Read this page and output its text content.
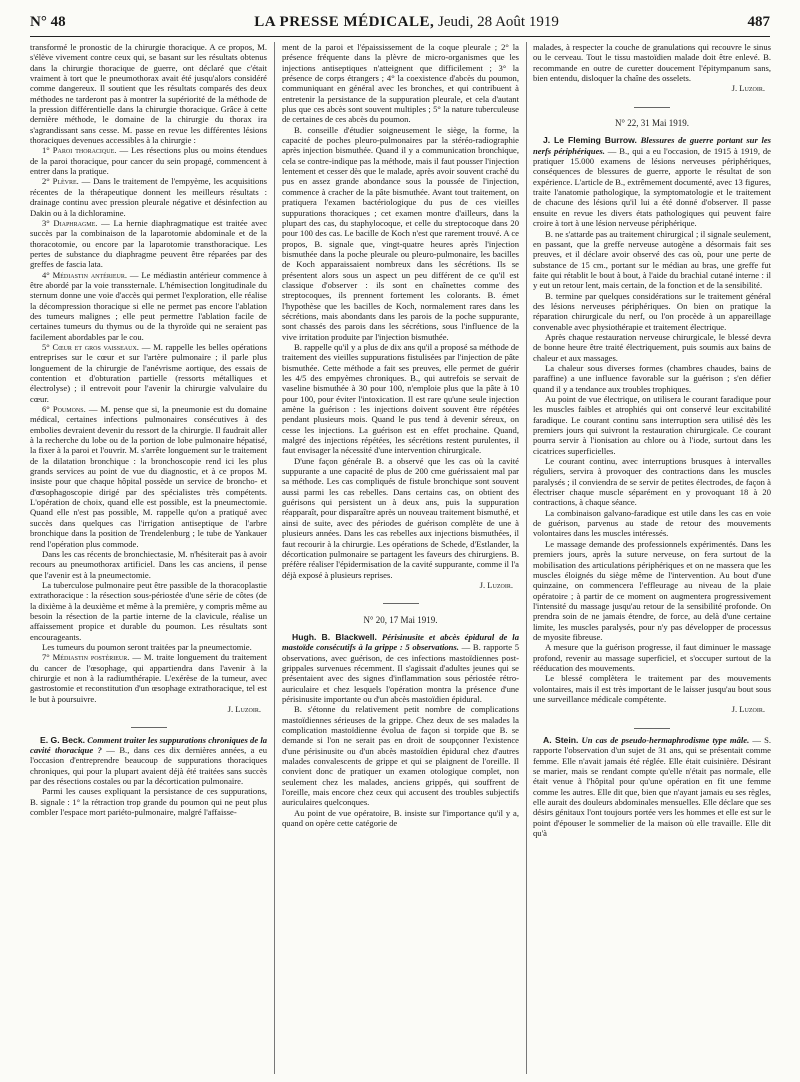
N° 48	LA PRESSE MÉDICALE, Jeudi, 28 Août 1919	487

transformé le pronostic de la chirurgie thoracique. A ce propos, M. s'élève vivement contre ceux qui, se basant sur les résultats obtenus dans la chirurgie thoracique de guerre, ont déclaré que c'était vraiment à tort que le pneumothorax avait été jusqu'alors considéré comme dangereux. Il soutient que les résultats comparés des deux méthodes ne tarderont pas à montrer la supériorité de la méthode de la pression différentielle dans la chirurgie thoracique. Grâce à cette dernière méthode, le domaine de la chirurgie du thorax ira s'agrandissant sans cesse. M. passe en revue les différentes lésions thoraciques devenues accessibles à la chirurgie :

1° Paroi thoracique. — Les résections plus ou moins étendues de la paroi thoracique, pour cancer du sein propagé, commencent à entrer dans la pratique.

2° Plèvre. — Dans le traitement de l'empyème, les acquisitions récentes de la thérapeutique donnent les meilleurs résultats : drainage continu avec pression pleurale négative et désinfection au Dakin ou à la dichloramine.

3° Diaphragme. — La hernie diaphragmatique est traitée avec succès par la combinaison de la laparotomie abdominale et de la thoracotomie, ou encore par la laparotomie transthoracique. Les pertes de substance du diaphragme peuvent être réparées par des greffes de fascia lata.

4° Médiastin antérieur. — Le médiastin antérieur commence à être abordé par la voie transsternale. L'hémisection longitudinale du sternum donne une voie d'accès qui permet l'exploration, elle réalise la décompression thoracique si elle ne permet pas encore l'ablation des tumeurs malignes ; elle peut permettre l'ablation facile de certaines tumeurs du thymus ou de la thyroïde qui ne seraient pas facilement abordables par le cou.

5° Cœur et gros vaisseaux. — M. rappelle les belles opérations entreprises sur le cœur et sur l'artère pulmonaire ; il parle plus longuement de la chirurgie de l'anévrisme aortique, des essais de contention et d'obturation partielle (ressorts métalliques et électrolyse) ; il entrevoit pour l'avenir la chirurgie valvulaire du cœur.

6° Poumons. — M. pense que si, la pneumonie est du domaine médical, certaines infections pulmonaires consécutives à des embolies devraient devenir du ressort de la chirurgie. Il faudrait aller à la recherche du lobe ou de la portion de lobe pulmonaire hépatisé, la fixer à la paroi et l'ouvrir. M. s'arrête longuement sur le traitement de la dilatation bronchique : la bronchoscopie rend ici les plus grands services au point de vue du diagnostic, et à ce propos M. insiste pour que chaque hôpital possède un service de broncho- et d'œsophagoscopie dirigé par des spécialistes très compétents. L'opération de choix, quand elle est possible, est la pneumectomie. Quand elle n'est pas possible, M. rappelle qu'on a pratiqué avec succès dans quelques cas l'irrigation antiseptique de l'arbre bronchique dans la position de Trendelenburg ; le tube de Yankauer rend l'opération plus commode.

Dans les cas récents de bronchiectasie, M. n'hésiterait pas à avoir recours au pneumothorax artificiel. Dans les cas anciens, il pense que l'avenir est à la pneumectomie.

La tuberculose pulmonaire peut être passible de la thoracoplastie extrathoracique : la résection sous-périostée d'une série de côtes (de la dixième à la deuxième et même à la première, y compris même au besoin la résection de la partie interne de la clavicule, réalise un affaissement propice et durable du poumon. Les résultats sont encourageants.

Les tumeurs du poumon seront traitées par la pneumectomie.

7° Médiastin postérieur. — M. traite longuement du traitement du cancer de l'œsophage, qui appartiendra dans l'avenir à la chirurgie et non à la radiumthérapie. L'exérèse de la tumeur, avec gastrostomie et reconstitution d'un œsophage extrathoracique, tel est le but à poursuivre.

J. Luzoir.

E. G. Beck. Comment traiter les suppurations chroniques de la cavité thoracique ? — B., dans ces dix dernières années, a eu l'occasion d'entreprendre beaucoup de suppurations thoraciques chroniques, qui pour la plupart avaient déjà été traitées sans succès par des résections costales ou par la décortication pulmonaire.

Parmi les causes expliquant la persistance de ces suppurations, B. signale : 1° la rétraction trop grande du poumon qui ne peut plus combler l'espace mort pariéto-pulmonaire, malgré l'affaisse-

ment de la paroi et l'épaississement de la coque pleurale ; 2° la présence fréquente dans la plèvre de micro-organismes que les injections antiseptiques n'atteignent que difficilement ; 3° la présence de corps étrangers ; 4° la coexistence d'abcès du poumon, communiquant en général avec les bronches, et qui contribuent à entretenir la persistance de la suppuration pleurale, et cela d'autant plus que ces abcès sont souvent multiples ; 5° la nature tuberculeuse de certaines de ces abcès du poumon.

B. conseille d'étudier soigneusement le siège, la forme, la capacité de poches pleuro-pulmonaires par la stéréo-radiographie après injection bismuthée. Quand il y a communication bronchique, cela se contre-indique pas la méthode, mais il faut pousser l'injection lentement et cesser dès que le malade, après avoir souvent craché du pus en assez grande abondance sous la poussée de l'injection, commence à cracher de la pâte bismuthée. Avant tout traitement, on pratiquera l'examen bactériologique du pus de ces vieilles suppurations thoraciques ; cet examen montre d'ailleurs, dans la plupart des cas, du staphylocoque, et celle du streptocoque dans 20 pour 100 des cas. Le bacille de Koch n'est que rarement trouvé. A ce propos, B. signale que, vingt-quatre heures après l'injection bismuthée dans la poche pleurale ou pleuro-pulmonaire, les bacilles de Koch apparaissaient nombreux dans les sécrétions. Ils se présentent alors sous un aspect un peu différent de ce qu'il est classique d'observer : ils sont en chaînettes comme des streptocoques, ils prennent fortement les colorants. B. émet l'hypothèse que les bacilles de Koch, normalement rares dans les sécrétions, mais abondants dans les parois de la poche suppurante, sont chassés des parois dans les sécrétions, sous l'influence de la vive irritation produite par l'injection bismuthée.

B. rappelle qu'il y a plus de dix ans qu'il a proposé sa méthode de traitement des vieilles suppurations fistulisées par l'injection de pâte bismuthée. Cette méthode a fait ses preuves, elle permet de guérir les 4/5 des empyèmes chroniques. B., qui autrefois se servait de vaseline bismuthée à 30 pour 100, n'emploie plus que la pâte à 10 pour 100, pour éviter l'intoxication. Il est rare qu'une seule injection amène la guérison : les injections doivent souvent être répétées pendant plusieurs mois. Quand le pus tend à devenir séreux, on cesse les injections. La guérison est en effet prochaine. Quand, malgré des injections répétées, les sécrétions restent purulentes, il faut envisager la nécessité d'une intervention chirurgicale.

D'une façon générale B. a observé que les cas où la cavité suppurante a une capacité de plus de 200 cme guérissaient mal par sa méthode. Les cas compliqués de fistule bronchique sont souvent aussi parmi les cas rebelles. Dans certains cas, on obtient des guérisons qui persistent un à deux ans, puis la suppuration réapparaît, pour disparaître après un nouveau traitement bismuthé, et ainsi de suite, avec des périodes de guérison complète de une à plusieurs années. Dans les cas rebelles aux injections bismuthées, il faut recourir à la chirurgie. Les opérations de Schede, d'Estlander, la décortication pulmonaire se partagent les faveurs des chirurgiens. B. préfère réaliser l'épidermisation de la cavité suppurante, comme il l'a déjà exposé à plusieurs reprises.

J. Luzoir.

N° 20, 17 Mai 1919.

Hugh. B. Blackwell. Périsinusite et abcès épidural de la mastoïde consécutifs à la grippe : 5 observations. — B. rapporte 5 observations, avec guérison, de ces infections mastoïdiennes post-grippales survenues récemment. Il s'agissait d'adultes jeunes qui se présentaient avec des signes d'inflammation sous périostée rétro-auriculaire et chez lesquels l'opération montra la présence d'une périsinusite importante ou d'un abcès mastoïdien épidural.

B. s'étonne du relativement petit nombre de complications mastoïdiennes sérieuses de la grippe. Chez deux de ses malades la complication mastoïdienne évolua de façon si torpide que B. se demande si l'on ne serait pas en droit de soupçonner l'existence d'une périsinusite ou d'un abcès mastoïdien épidural chez d'autres malades convalescents de grippe et qui se plaignent de l'oreille. Il convient donc de pratiquer un examen otologique complet, non seulement chez les malades, anciens grippés, qui souffrent de l'oreille, mais encore chez ceux qui accusent des troubles subjectifs auriculaires quelconques.

Au point de vue opératoire, B. insiste sur l'importance qu'il y a, quand on opère cette catégorie de

malades, à respecter la couche de granulations qui recouvre le sinus ou le cerveau. Tout le tissu mastoïdien malade doit être enlevé. B. recommande en outre de curetter doucement l'épitympanum sans, bien entendu, disloquer la chaîne des osselets.

J. Luzoir.

N° 22, 31 Mai 1919.

J. Le Fleming Burrow. Blessures de guerre portant sur les nerfs périphériques. — B., qui a eu l'occasion, de 1915 à 1919, de pratiquer 15.000 examens de lésions nerveuses périphériques, conséquences de blessures de guerre, apporte le résultat de son expérience. L'article de B., extrêmement documenté, avec 13 figures, traite l'anatomie pathologique, la symptomatologie et le traitement de chacune des lésions qu'il lui a été donné d'observer. Il passe ensuite en revue les divers états pathologiques qui peuvent faire croire à tort à une lésion nerveuse périphérique.

B. ne s'attarde pas au traitement chirurgical ; il signale seulement, en passant, que la greffe nerveuse autogène a désormais fait ses preuves, et il déclare avoir observé des cas où, pour une perte de substance de 15 cm., portant sur le médian au bras, une greffe fut faite qui rétablit le bout à bout, à l'aide du brachial cutané interne : il y eut un retour lent, mais certain, de la fonction et de la sensibilité.

B. termine par quelques considérations sur le traitement général des lésions nerveuses périphériques. On bien on pratique la réparation chirurgicale du nerf, ou l'on procède à un appareillage convenable avec physiothérapie et traitement électrique.

Après chaque restauration nerveuse chirurgicale, le blessé devra de bonne heure être traité électriquement, puis soumis aux bains de chaleur et aux massages.

La chaleur sous diverses formes (chambres chaudes, bains de paraffine) a une influence favorable sur la guérison ; s'en défier quand il y a tendance aux troubles trophiques.

Au point de vue électrique, on utilisera le courant faradique pour les muscles faibles et atrophiés qui ont conservé leur excitabilité faradique. Le courant continu sans interruption sera utilisé dès les premiers jours qui suivront la restauration chirurgicale. Ce courant pourra servir à l'ionisation au chlore ou à l'iode, surtout dans les cicatrices superficielles.

Le courant continu, avec interruptions brusques à intervalles réguliers, servira à provoquer des contractions dans les muscles paralysés ; il conviendra de se servir de petites électrodes, de façon à électriser chaque muscle séparément en y provoquant 18 à 20 contractions, à chaque séance.

La combinaison galvano-faradique est utile dans les cas en voie de guérison, parvenus au stade de retour des mouvements volontaires dans les muscles intéressés.

Le massage demande des professionnels expérimentés. Dans les premiers jours, après la suture nerveuse, on fera surtout de la mobilisation des articulations périphériques et on ne massera que les muscles éloignés du siège même de l'intervention. Au bout d'une quinzaine, on commencera l'effleurage au niveau de la plaie opératoire ; à partir de ce moment on augmentera progressivement l'intensité du massage jusqu'au retour de la sensibilité profonde. On prendra soin de ne jamais étendre, de force, au delà d'une certaine limite, les muscles paralysés, pour n'y pas développer de processus de myosite fibreuse.

A mesure que la guérison progresse, il faut diminuer le massage profond, revenir au massage superficiel, et s'occuper surtout de la rééducation des mouvements.

Le blessé complètera le traitement par des mouvements volontaires, mais il est très important de le laisser jusqu'au bout sous une surveillance médicale compétente.

J. Luzoir.

A. Stein. Un cas de pseudo-hermaphrodisme type mâle. — S. rapporte l'observation d'un sujet de 31 ans, qui se présentait comme femme. Elle n'avait jamais été réglée. Elle était cuisinière. Désirant se marier, mais se rendant compte qu'elle n'était pas normale, elle était venue à l'hôpital pour qu'une opération en fit une femme comme les autres. Elle dit que, bien que n'ayant jamais eu ses règles, elle aurait des douleurs abdominales mensuelles. Elle déclare que ses désirs génitaux l'ont toujours portée vers les hommes et elle est sur le point d'épouser le sommelier de la maison où elle travaille. Elle dit qu'à
